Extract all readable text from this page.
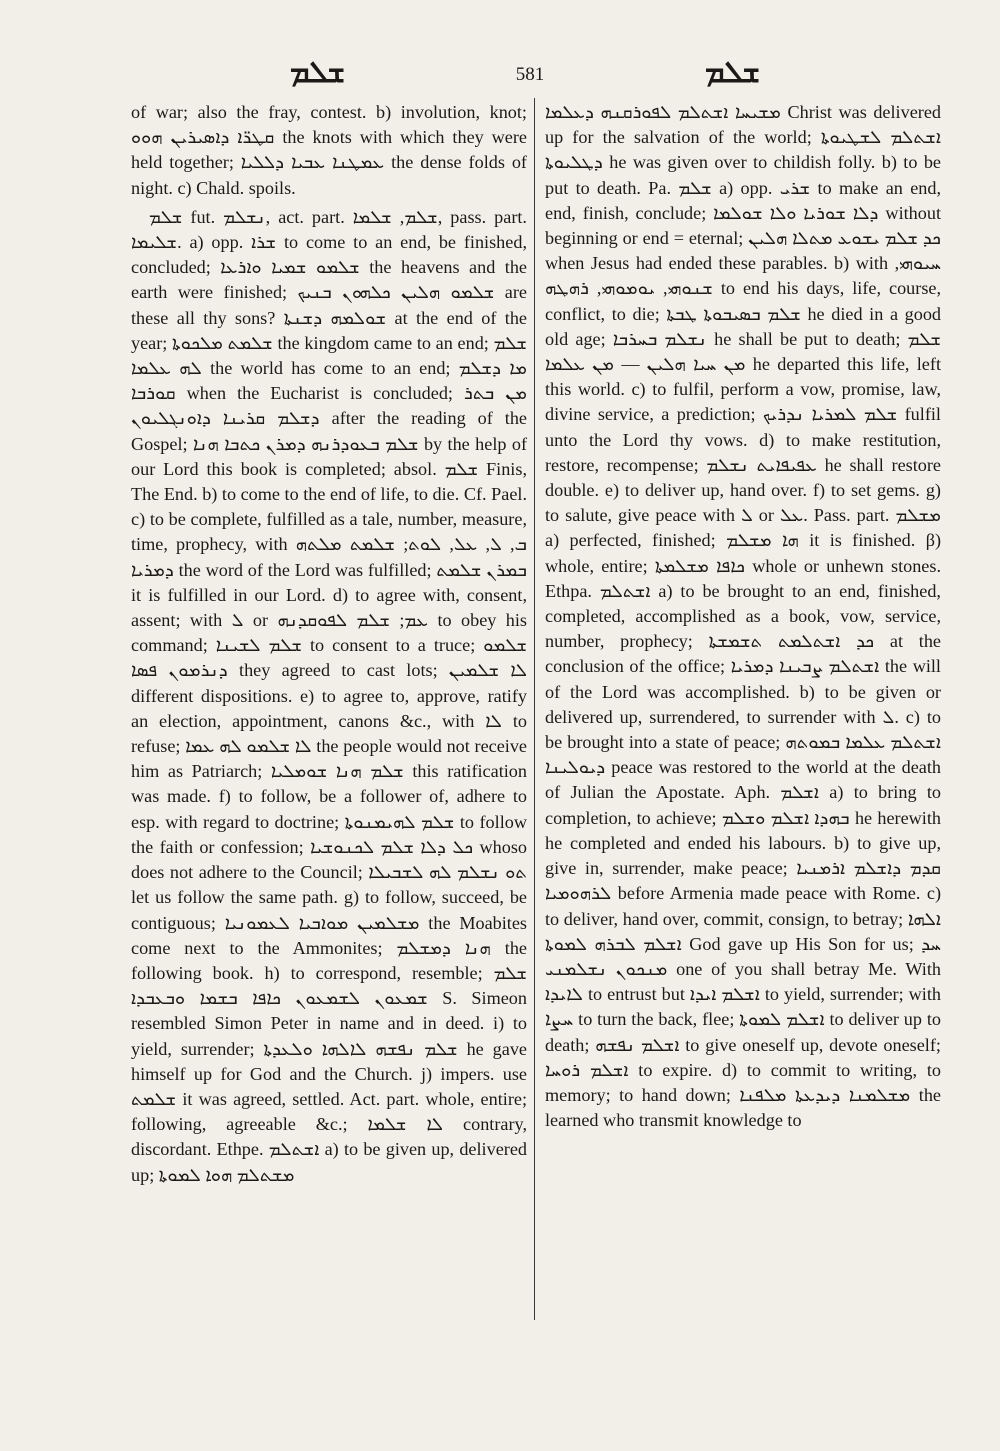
ܫܠܡ	581	ܫܠܡ

of war; also the fray, contest. b) involution, knot; ܩܛܪ̈ܐ ܕܐܣܝܪܝܢ ܗܘܘ the knots with which they were held together; ܥܡܛܢܐ ܥܒܝܐ ܕܠܠܝܐ the dense folds of night. c) Chald. spoils.

ܫܠܡ fut. ܢܫܠܡ, act. part. ܫܠܡ, ܫܠܡܐ, pass. part. ܫܠܝܡܐ. a) opp. ܫܪܐ to come to an end, be finished, concluded; ܫܠܡܘ ܫܡܝܐ ܘܐܪܥܐ the heavens and the earth were finished; ܫܠܡܘ ܗܠܝܢ ܟܠܗܘܢ ܒܢܝܟ are these all thy sons? ܫܘܠܡܗ ܕܫܢܬܐ at the end of the year; ܫܠܡܬ ܡܠܟܘܬܐ the kingdom came to an end; ܫܠܡ ܠܗ ܥܠܡܐ the world has come to an end; ܡܐ ܕܫܠܡ ܩܘܪܒܐ when the Eucharist is concluded; ܡܢ ܒܬܪ ܕܫܠܡ ܩܪܝܢܐ ܕܐܘܢܓܠܝܘܢ after the reading of the Gospel; ܫܠܡ ܒܥܘܕܪܢܗ ܕܡܪܢ ܟܬܒܐ ܗܢܐ by the help of our Lord this book is completed; absol. ܫܠܡ Finis, The End. b) to come to the end of life, to die. Cf. Pael. c) to be complete, fulfilled as a tale, number, measure, time, prophecy, with ܒ, ܠ, ܥܠ, ܠܘܬ; ܫܠܡܬ ܡܠܬܗ ܕܡܪܝܐ the word of the Lord was fulfilled; ܒܡܪܢ ܫܠܡܬ it is fulfilled in our Lord. d) to agree with, consent, assent; with ܠ or ܥܡ; ܫܠܡ ܠܦܘܩܕܢܗ to obey his command; ܫܠܡ ܠܫܝܢܐ to consent to a truce; ܫܠܡܘ ܕܢܪܡܘܢ ܦܣܐ they agreed to cast lots; ܠܐ ܫܠܡܝܢ different dispositions. e) to agree to, approve, ratify an election, appointment, canons &c., with ܠܐ to refuse; ܠܐ ܫܠܡܘ ܠܗ ܥܡܐ the people would not receive him as Patriarch; ܫܠܡ ܗܢܐ ܫܘܡܠܝܐ this ratification was made. f) to follow, be a follower of, adhere to esp. with regard to doctrine; ܫܠܡ ܠܗܝܡܢܘܬܐ to follow the faith or confession; ܟܠ ܕܠܐ ܫܠܡ ܠܟܢܘܫܝܐ whoso does not adhere to the Council; ܬܘ ܢܫܠܡ ܠܗ ܠܫܒܝܠܐ let us follow the same path. g) to follow, succeed, be contiguous; ܡܫܠܡܝܢ ܡܘܐܒܝܐ ܠܥܡܘܢܝܐ the Moabites come next to the Ammonites; ܗܢܐ ܕܡܫܠܡ the following book. h) to correspond, resemble; ܫܠܡ ܫܡܥܘܢ ܠܫܡܥܘܢ ܟܐܦܐ ܒܫܡܐ ܘܒܥܒܕܐ S. Simeon resembled Simon Peter in name and in deed. i) to yield, surrender; ܫܠܡ ܢܦܫܗ ܠܐܠܗܐ ܘܠܥܕܬܐ he gave himself up for God and the Church. j) impers. use ܫܠܡܬ it was agreed, settled. Act. part. whole, entire; following, agreeable &c.; ܠܐ ܫܠܡܐ contrary, discordant. Ethpe. ܐܫܬܠܡ a) to be given up, delivered up; ܡܫܬܠܡ ܗܘܐ ܠܡܘܬܐ

ܡܫܝܚܐ ܐܫܬܠܡ ܠܦܘܪܩܢܗ ܕܥܠܡܐ Christ was delivered up for the salvation of the world; ܐܫܬܠܡ ܠܫܛܝܘܬܐ ܕܛܠܝܘܬܐ he was given over to childish folly. b) to be put to death. Pa. ܫܠܡ a) opp. ܫܪܝ to make an end, end, finish, conclude; ܕܠܐ ܫܘܪܝܐ ܘܠܐ ܫܘܠܡܐ without beginning or end = eternal; ܟܕ ܫܠܡ ܝܫܘܥ ܡܬܠܐ ܗܠܝܢ when Jesus had ended these parables. b) with ܚܝܘܗܝ, ܫܢܘܗܝ, ܝܘܡܘܗܝ, ܪܗܛܗ to end his days, life, course, conflict, to die; ܫܠܡ ܒܣܝܒܘܬܐ ܛܒܬܐ he died in a good old age; ܢܫܠܡ ܒܚܪܒܐ he shall be put to death; ܫܠܡ ܡܢ ܚܝܐ ܗܠܝܢ — ܡܢ ܥܠܡܐ he departed this life, left this world. c) to fulfil, perform a vow, promise, law, divine service, a prediction; ܫܠܡ ܠܡܪܝܐ ܢܕܪܝܟ fulfil unto the Lord thy vows. d) to make restitution, restore, recompense; ܥܦܝܦܐܝܬ ܢܫܠܡ he shall restore double. e) to deliver up, hand over. f) to set gems. g) to salute, give peace with ܠ or ܥܠ. Pass. part. ܡܫܠܡ a) perfected, finished; ܗܐ ܡܫܠܡ it is finished. β) whole, entire; ܟܐܦܐ ܡܫܠܡܬܐ whole or unhewn stones. Ethpa. ܐܫܬܠܡ a) to be brought to an end, finished, completed, accomplished as a book, vow, service, number, prophecy; ܟܕ ܐܫܬܠܡܬ ܬܫܡܫܬܐ at the conclusion of the office; ܐܫܬܠܡ ܨܒܝܢܐ ܕܡܪܝܐ the will of the Lord was accomplished. b) to be given or delivered up, surrendered, to surrender with ܠ. c) to be brought into a state of peace; ܐܫܬܠܡ ܥܠܡܐ ܒܡܘܬܗ ܕܝܘܠܝܢܐ peace was restored to the world at the death of Julian the Apostate. Aph. ܐܫܠܡ a) to bring to completion, to achieve; ܒܗܕܐ ܐܫܠܡ ܘܫܠܡ he herewith he completed and ended his labours. b) to give up, give in, surrender, make peace; ܩܕܡ ܕܐܫܠܡ ܐܪܡܢܝܐ ܠܪܗܘܡܝܐ before Armenia made peace with Rome. c) to deliver, hand over, commit, consign, to betray; ܐܠܗܐ ܐܫܠܡ ܠܒܪܗ ܠܡܘܬܐ God gave up His Son for us; ܚܕ ܡܢܟܘܢ ܢܫܠܡܢܝ one of you shall betray Me. With ܠܐܝܕܐ to entrust but ܐܫܠܡ ܐܝܕܐ to yield, surrender; with ܚܨܐ to turn the back, flee; ܐܫܠܡ ܠܡܘܬܐ to deliver up to death; ܐܫܠܡ ܢܦܫܗ to give oneself up, devote oneself; ܐܫܠܡ ܪܘܚܐ to expire. d) to commit to writing, to memory; to hand down; ܡܫܠܡܢܐ ܕܝܕܥܬܐ ܡܠܦܢܐ the learned who transmit knowledge to
